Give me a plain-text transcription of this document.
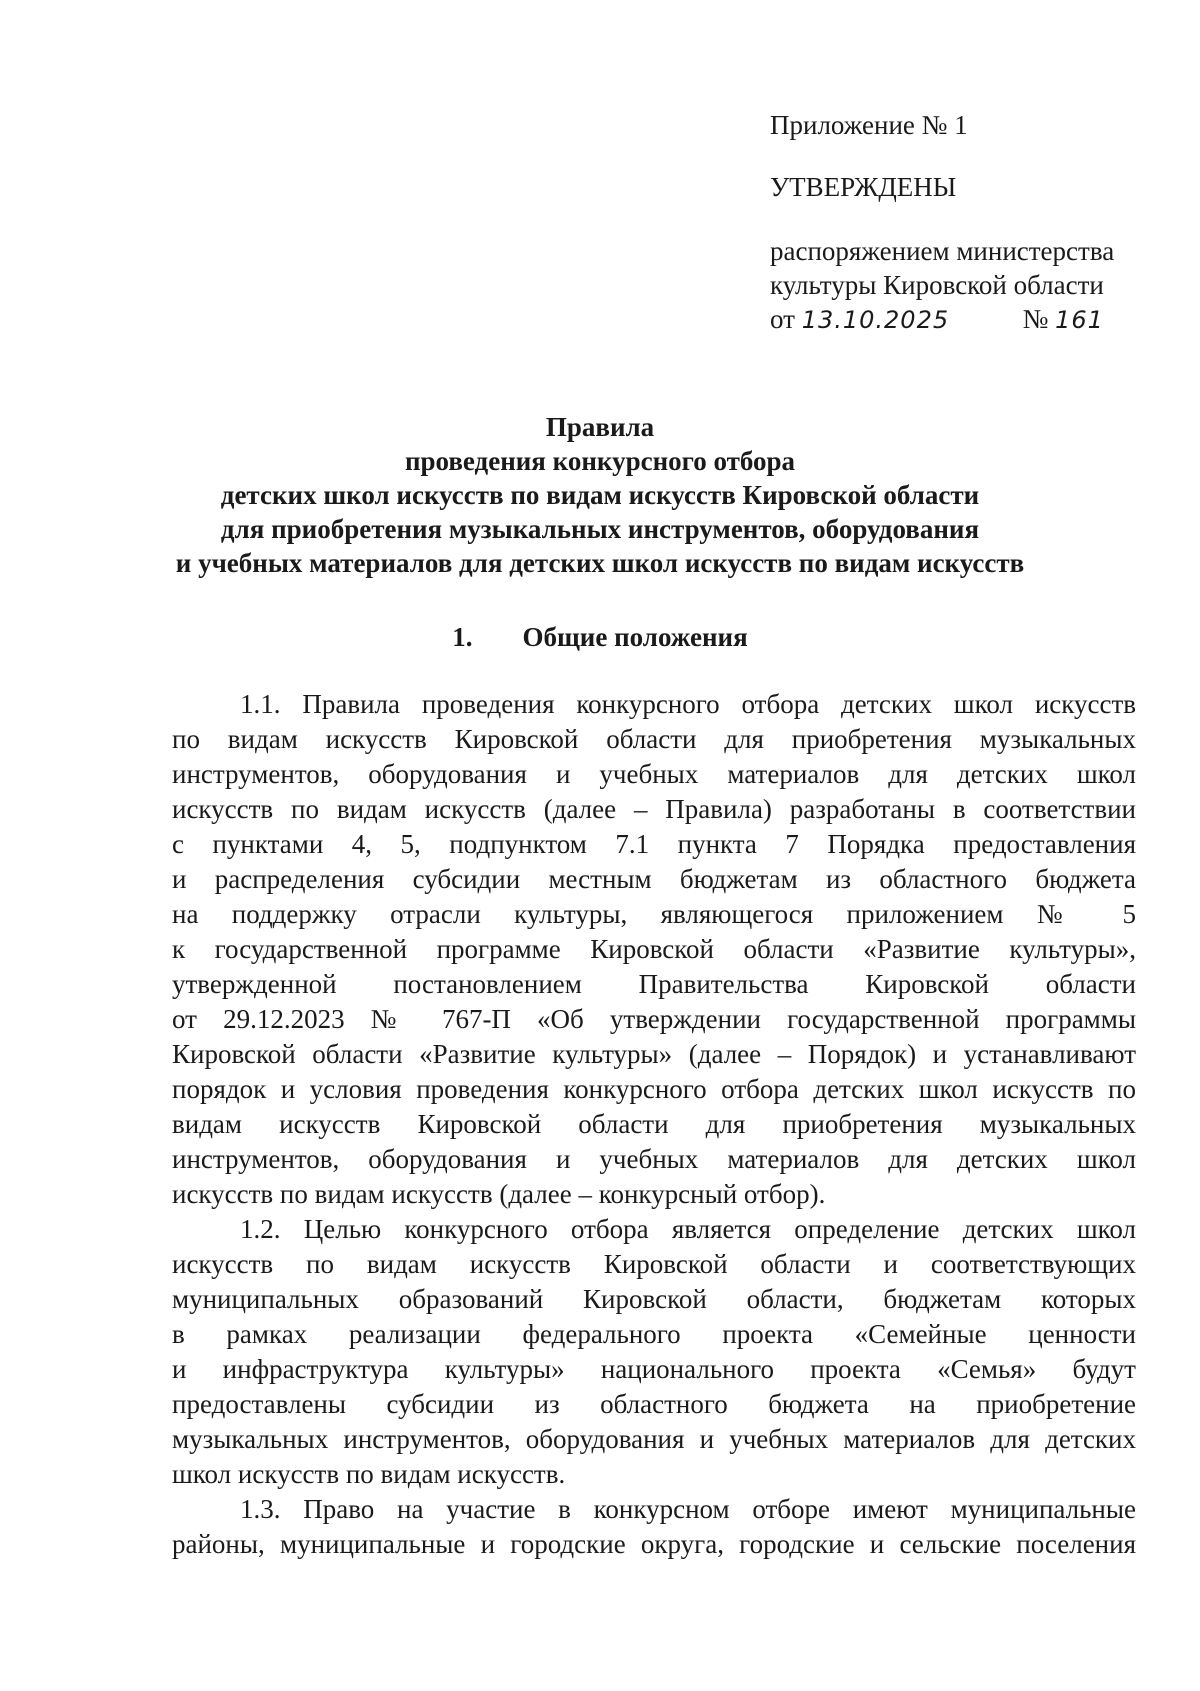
Приложение № 1
УТВЕРЖДЕНЫ
распоряжением министерства
культуры Кировской области
от 13.10.2025	№ 161
Правила
проведения конкурсного отбора
детских школ искусств по видам искусств Кировской области
для приобретения музыкальных инструментов, оборудования
и учебных материалов для детских школ искусств по видам искусств
1. Общие положения

1.1. Правила проведения конкурсного отбора детских школ искусств
по видам искусств Кировской области для приобретения музыкальных
инструментов, оборудования и учебных материалов для детских школ
искусств по видам искусств (далее – Правила) разработаны в соответствии
с пунктами 4, 5, подпунктом 7.1 пункта 7 Порядка предоставления
и распределения субсидии местным бюджетам из областного бюджета
на поддержку отрасли культуры, являющегося приложением № 5
к государственной программе Кировской области «Развитие культуры»,
утвержденной постановлением Правительства Кировской области
от 29.12.2023 № 767-П «Об утверждении государственной программы
Кировской области «Развитие культуры» (далее – Порядок) и устанавливают
порядок и условия проведения конкурсного отбора детских школ искусств по
видам искусств Кировской области для приобретения музыкальных
инструментов, оборудования и учебных материалов для детских школ
искусств по видам искусств (далее – конкурсный отбор).

1.2. Целью конкурсного отбора является определение детских школ
искусств по видам искусств Кировской области и соответствующих
муниципальных образований Кировской области, бюджетам которых
в рамках реализации федерального проекта «Семейные ценности
и инфраструктура культуры» национального проекта «Семья» будут
предоставлены субсидии из областного бюджета на приобретение
музыкальных инструментов, оборудования и учебных материалов для детских
школ искусств по видам искусств.

1.3. Право на участие в конкурсном отборе имеют муниципальные
районы, муниципальные и городские округа, городские и сельские поселения
